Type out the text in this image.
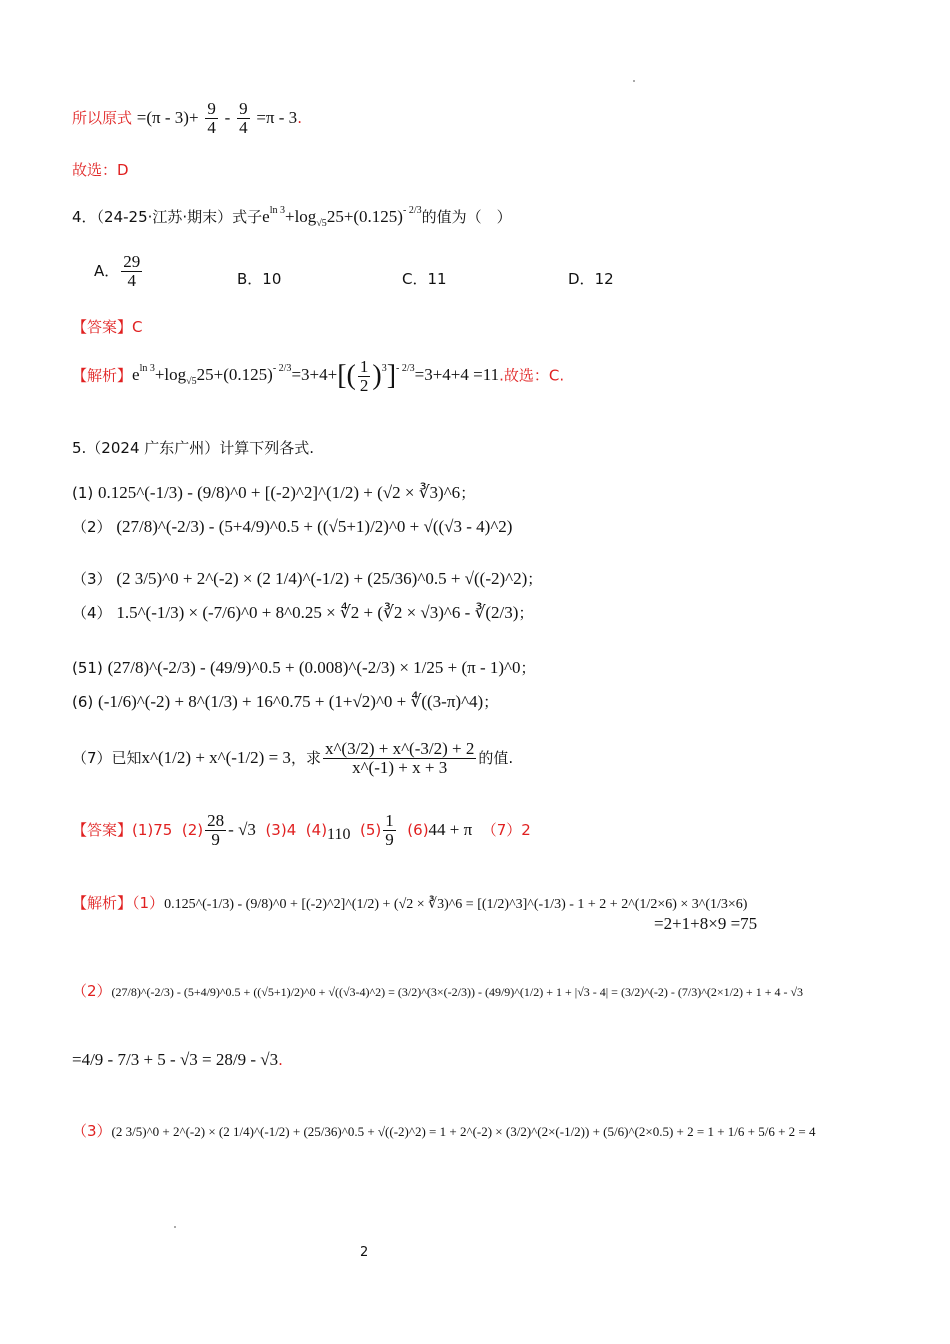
所以原式 $=(\pi - 3)+ \frac{9}{4} - \frac{9}{4} =\pi - 3$.
故选：D
4．（24-25·江苏·期末）式子$e^{ln 3}+\log_{√5}25+(0.125)^{- 2/3}$的值为（　）
A． $\frac{29}{4}$	B．10	C．11	D．12
【答案】C
【解析】$e^{ln 3}+\log_{√5}25+(0.125)^{- 2/3}=3+4+[( \frac{1}{2} )^3]^{- 2/3}=3+4+4 =11$.故选：C.
5.（2024 广东广州）计算下列各式.
(1) 0.125^(-1/3) - (9/8)^0 + [(-2)^2]^(1/2) + (√2 × ∛3)^6；
（2） (27/8)^(-2/3) - (5+4/9)^0.5 + ((√5+1)/2)^0 + √((√3 - 4)^2)
（3） (2 3/5)^0 + 2^(-2) × (2 1/4)^(-1/2) + (25/36)^0.5 + √((-2)^2)；
（4） 1.5^(-1/3) × (-7/6)^0 + 8^0.25 × ∜2 + (∛2 × √3)^6 - ∛(2/3)；
(51) (27/8)^(-2/3) - (49/9)^0.5 + (0.008)^(-2/3) × 1/25 + (π - 1)^0；
(6) (-1/6)^(-2) + 8^(1/3) + 16^0.75 + (1+√2)^0 + ∜((3-π)^4)；
（7）已知x^(1/2) + x^(-1/2) = 3，求 $\frac{x\^{}(3/2) + x\^{}(-3/2) + 2}{x\^{}(-1) + x + 3}$ 的值.
【答案】(1)75 $(2) \frac{28}{9} - √3$ (3)4 (4)110 $(5) \frac{1}{9} (6)44 + \pi$ （7）2
【解析】（1）0.125^(-1/3) - (9/8)^0 + [(-2)^2]^(1/2) + (√2 × ∛3)^6 = [(1/2)^3]^(-1/3) - 1 + 2 + 2^(1/2×6) × 3^(1/3×6)
=2+1+8×9 =75
（2）(27/8)^(-2/3) - (5+4/9)^0.5 + ((√5+1)/2)^0 + √((√3-4)^2) = (3/2)^(3×(-2/3)) - (49/9)^(1/2) + 1 + |√3 - 4| = (3/2)^(-2) - (7/3)^(2×1/2) + 1 + 4 - √3
=4/9 - 7/3 + 5 - √3 = 28/9 - √3.
（3）(2 3/5)^0 + 2^(-2) × (2 1/4)^(-1/2) + (25/36)^0.5 + √((-2)^2) = 1 + 2^(-2) × (3/2)^(2×(-1/2)) + (5/6)^(2×0.5) + 2 = 1 + 1/6 + 5/6 + 2 = 4
2
